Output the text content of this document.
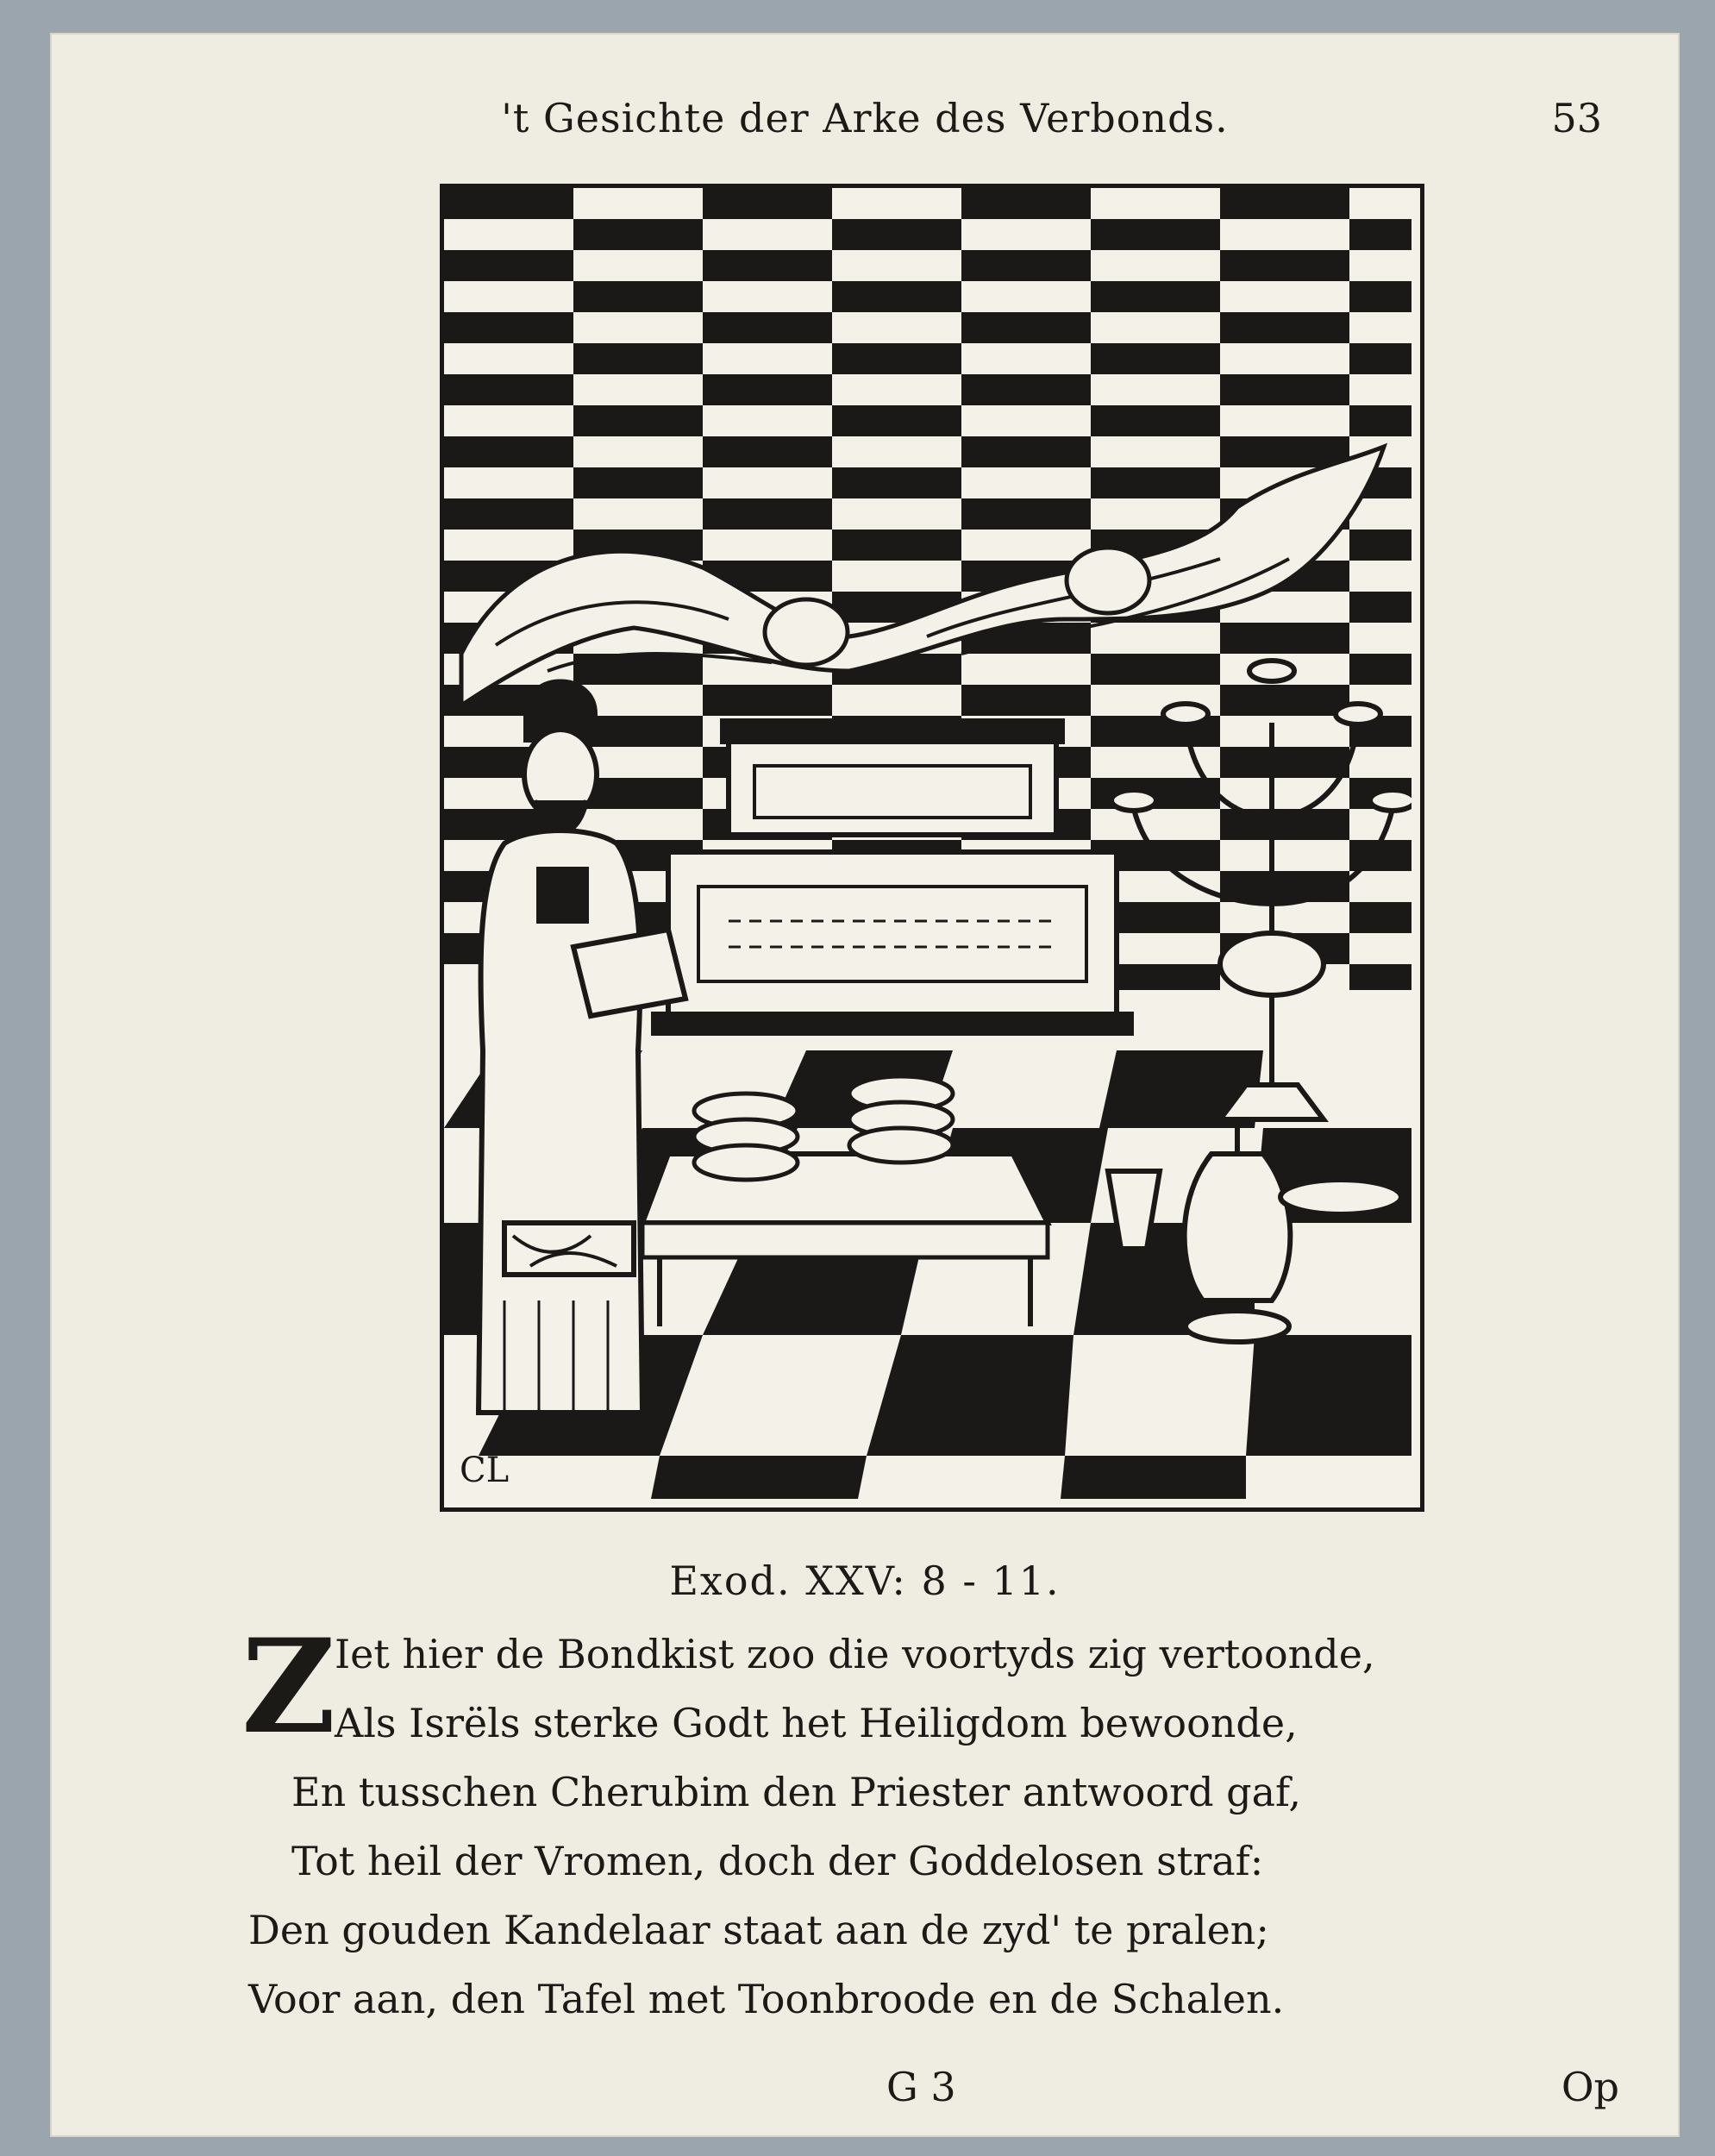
't Gesichte der Arke des Verbonds.	53
CL
Exod. XXV: 8 - 11.
Z
Iet hier de Bondkist zoo die voortyds zig vertoonde,
Als Isrëls sterke Godt het Heiligdom bewoonde,
En tusschen Cherubim den Priester antwoord gaf,
Tot heil der Vromen, doch der Goddelosen straf:
Den gouden Kandelaar staat aan de zyd' te pralen;
Voor aan, den Tafel met Toonbroode en de Schalen.
G 3	Op
